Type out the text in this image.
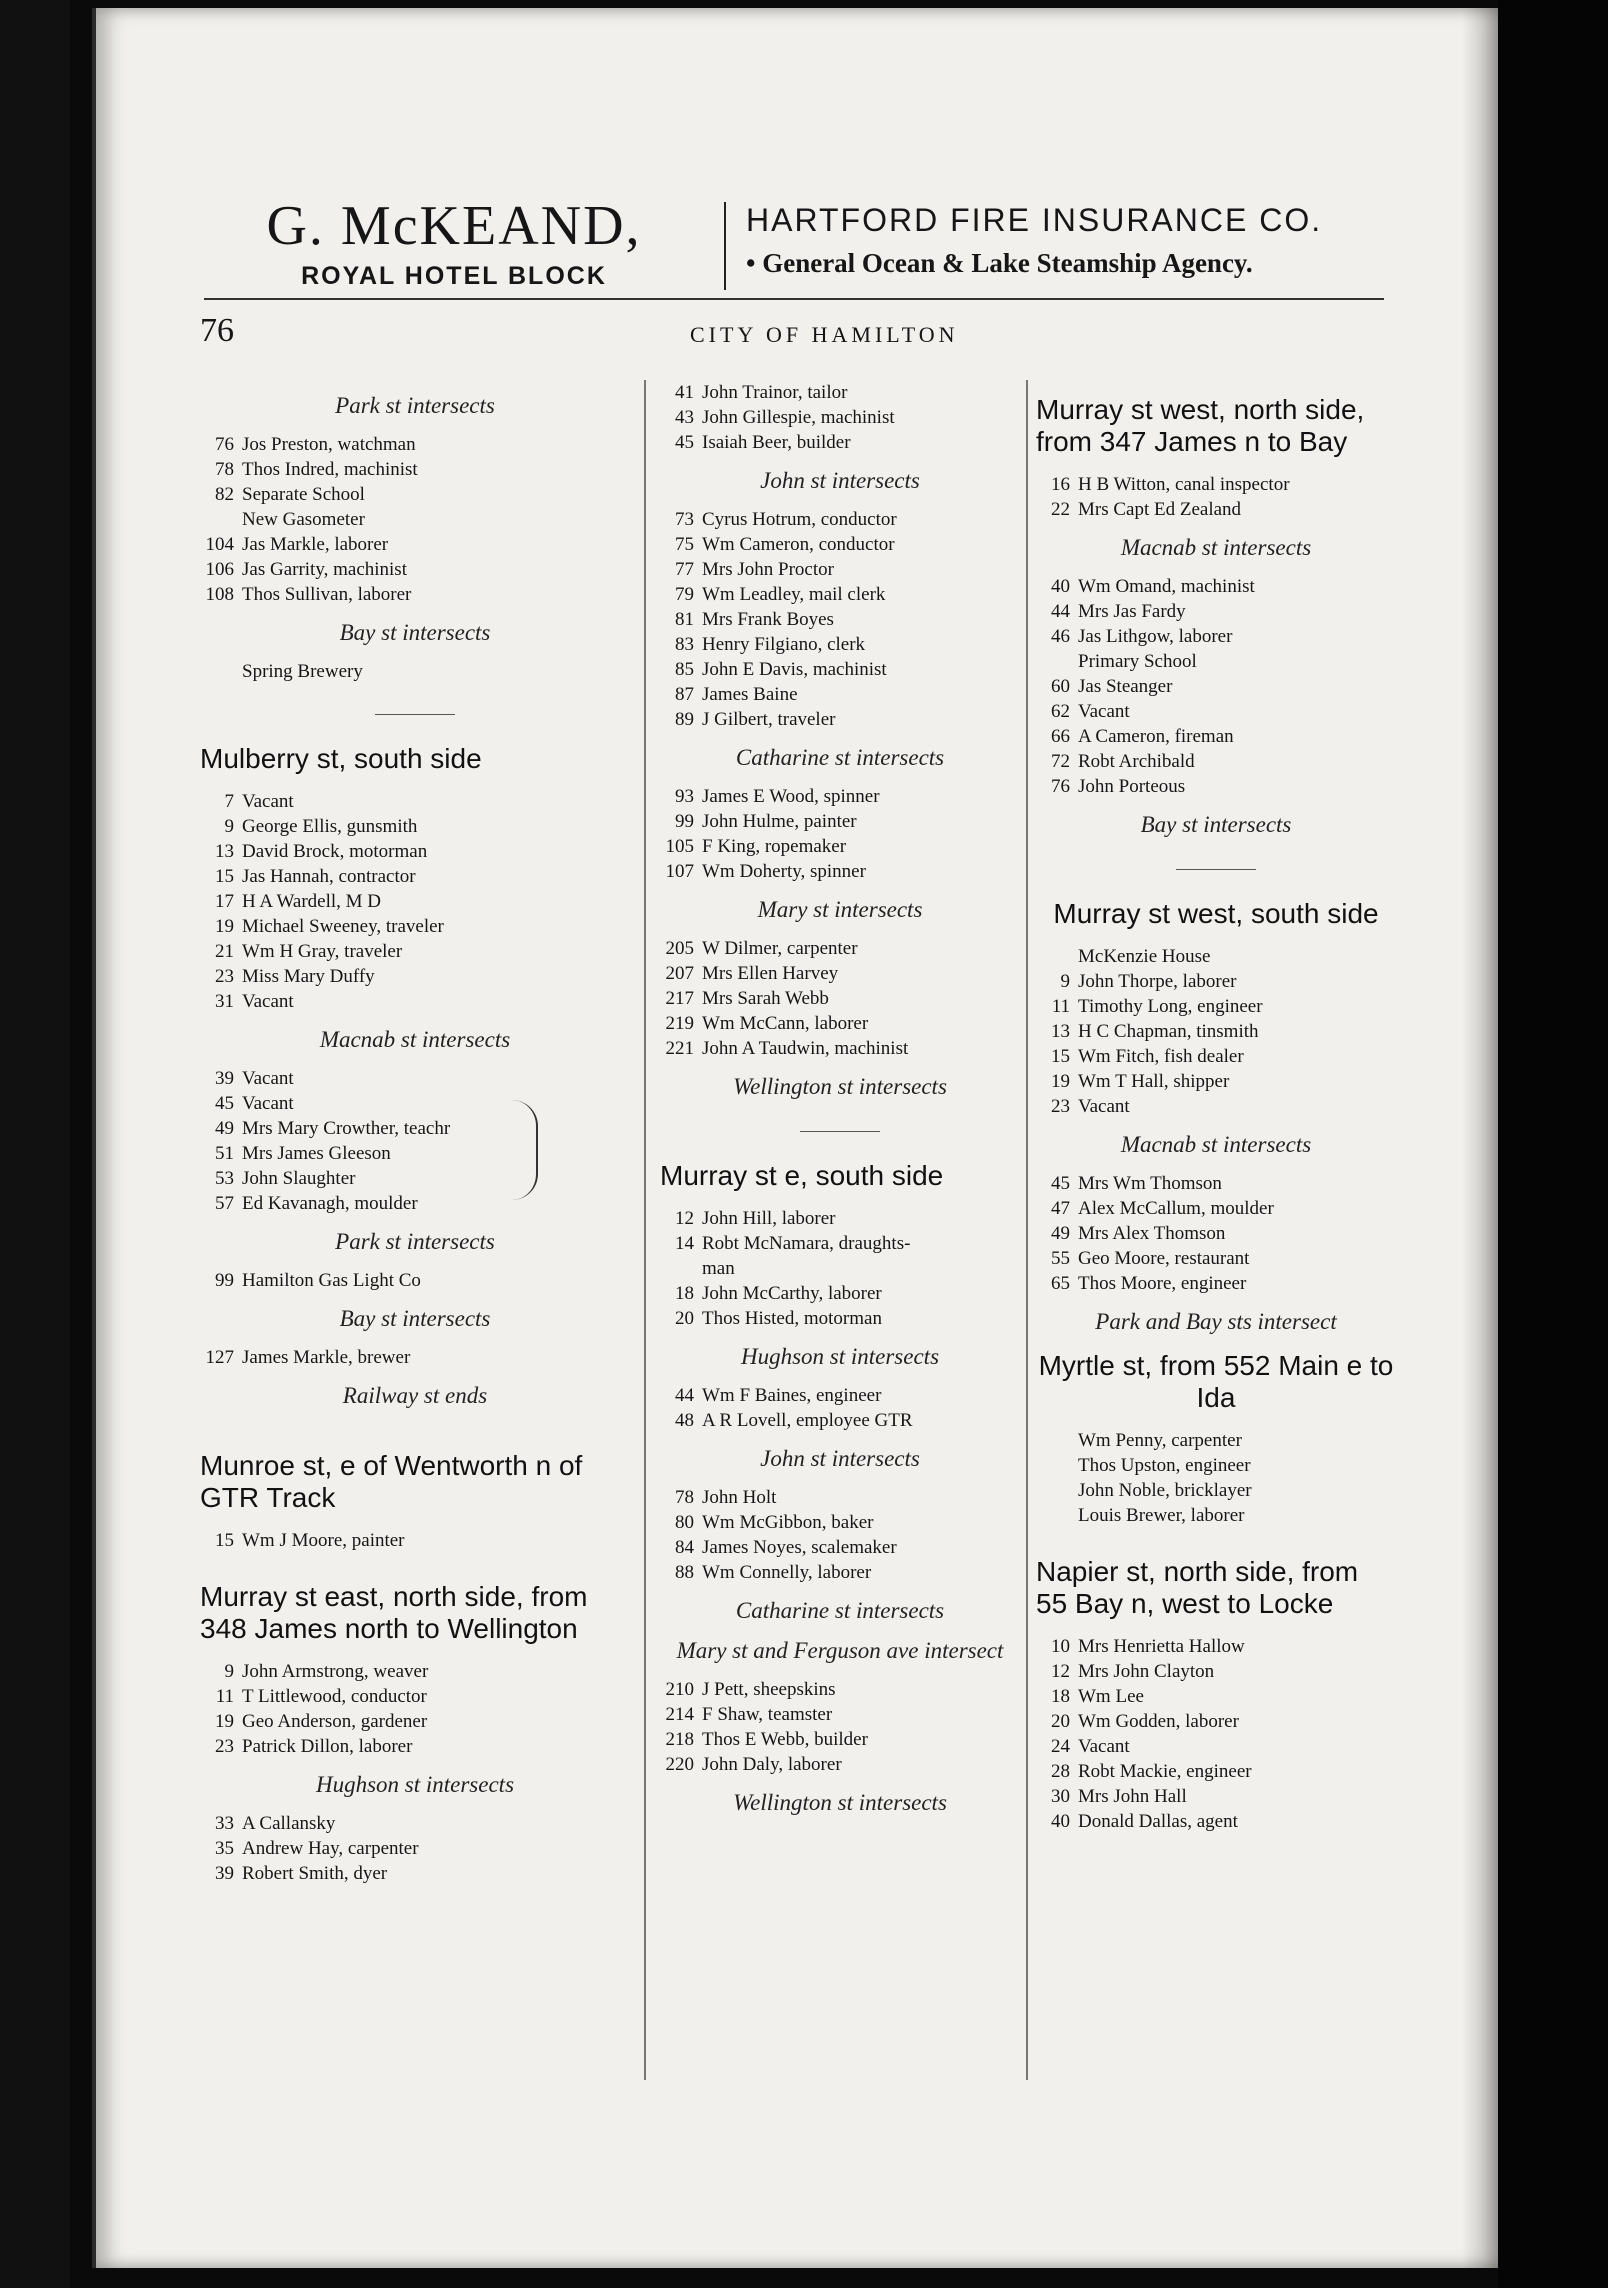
G. McKEAND,
ROYAL HOTEL BLOCK
HARTFORD FIRE INSURANCE CO.
• General Ocean & Lake Steamship Agency.
76	CITY OF HAMILTON
Park st intersects
76 Jos Preston, watchman
78 Thos Indred, machinist
82 Separate School
New Gasometer
104 Jas Markle, laborer
106 Jas Garrity, machinist
108 Thos Sullivan, laborer
Bay st intersects
Spring Brewery
Mulberry st, south side
7 Vacant
9 George Ellis, gunsmith
13 David Brock, motorman
15 Jas Hannah, contractor
17 H A Wardell, M D
19 Michael Sweeney, traveler
21 Wm H Gray, traveler
23 Miss Mary Duffy
31 Vacant
Macnab st intersects
39 Vacant
45 Vacant
49 Mrs Mary Crowther, teachr
51 Mrs James Gleeson
53 John Slaughter
57 Ed Kavanagh, moulder
Park st intersects
99 Hamilton Gas Light Co
Bay st intersects
127 James Markle, brewer
Railway st ends
Munroe st, e of Wentworth n of GTR Track
15 Wm J Moore, painter
Murray st east, north side, from 348 James north to Wellington
9 John Armstrong, weaver
11 T Littlewood, conductor
19 Geo Anderson, gardener
23 Patrick Dillon, laborer
Hughson st intersects
33 A Callansky
35 Andrew Hay, carpenter
39 Robert Smith, dyer
41 John Trainor, tailor
43 John Gillespie, machinist
45 Isaiah Beer, builder
John st intersects
73 Cyrus Hotrum, conductor
75 Wm Cameron, conductor
77 Mrs John Proctor
79 Wm Leadley, mail clerk
81 Mrs Frank Boyes
83 Henry Filgiano, clerk
85 John E Davis, machinist
87 James Baine
89 J Gilbert, traveler
Catharine st intersects
93 James E Wood, spinner
99 John Hulme, painter
105 F King, ropemaker
107 Wm Doherty, spinner
Mary st intersects
205 W Dilmer, carpenter
207 Mrs Ellen Harvey
217 Mrs Sarah Webb
219 Wm McCann, laborer
221 John A Taudwin, machinist
Wellington st intersects
Murray st e, south side
12 John Hill, laborer
14 Robt McNamara, draughts-
man
18 John McCarthy, laborer
20 Thos Histed, motorman
Hughson st intersects
44 Wm F Baines, engineer
48 A R Lovell, employee GTR
John st intersects
78 John Holt
80 Wm McGibbon, baker
84 James Noyes, scalemaker
88 Wm Connelly, laborer
Catharine st intersects
Mary st and Ferguson ave intersect
210 J Pett, sheepskins
214 F Shaw, teamster
218 Thos E Webb, builder
220 John Daly, laborer
Wellington st intersects
Murray st west, north side, from 347 James n to Bay
16 H B Witton, canal inspector
22 Mrs Capt Ed Zealand
Macnab st intersects
40 Wm Omand, machinist
44 Mrs Jas Fardy
46 Jas Lithgow, laborer
Primary School
60 Jas Steanger
62 Vacant
66 A Cameron, fireman
72 Robt Archibald
76 John Porteous
Bay st intersects
Murray st west, south side
McKenzie House
9 John Thorpe, laborer
11 Timothy Long, engineer
13 H C Chapman, tinsmith
15 Wm Fitch, fish dealer
19 Wm T Hall, shipper
23 Vacant
Macnab st intersects
45 Mrs Wm Thomson
47 Alex McCallum, moulder
49 Mrs Alex Thomson
55 Geo Moore, restaurant
65 Thos Moore, engineer
Park and Bay sts intersect
Myrtle st, from 552 Main e to Ida
Wm Penny, carpenter
Thos Upston, engineer
John Noble, bricklayer
Louis Brewer, laborer
Napier st, north side, from 55 Bay n, west to Locke
10 Mrs Henrietta Hallow
12 Mrs John Clayton
18 Wm Lee
20 Wm Godden, laborer
24 Vacant
28 Robt Mackie, engineer
30 Mrs John Hall
40 Donald Dallas, agent
